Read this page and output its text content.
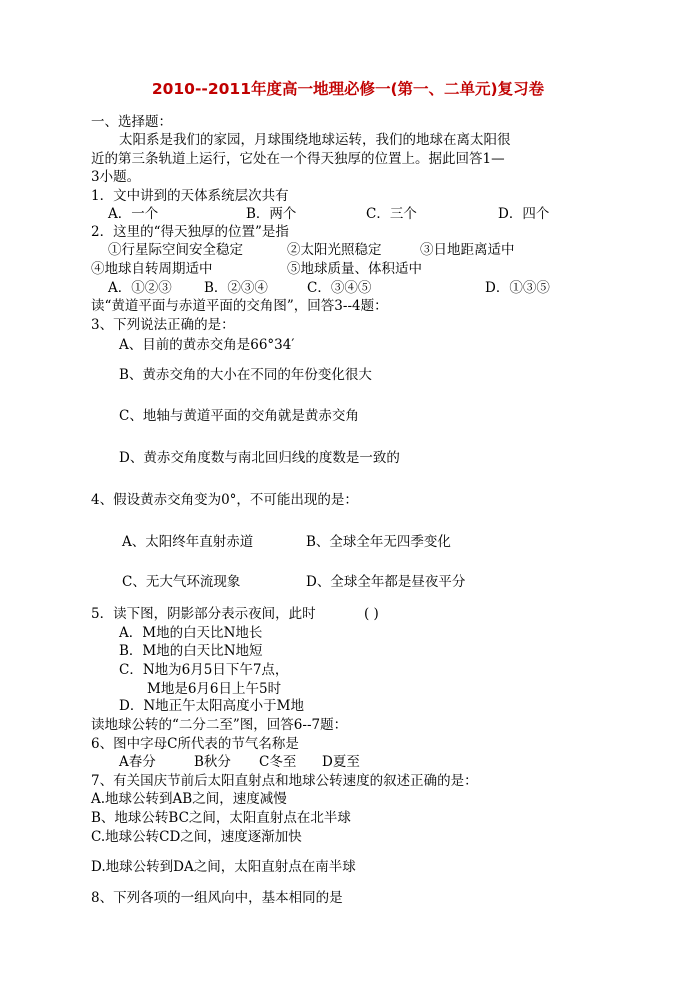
2010--2011年度高一地理必修一(第一、二单元)复习卷
一、选择题：
太阳系是我们的家园，月球围绕地球运转，我们的地球在离太阳很
近的第三条轨道上运行，它处在一个得天独厚的位置上。据此回答1—
3小题。
1．文中讲到的天体系统层次共有
A．一个	B．两个	C．三个	D．四个
2．这里的“得天独厚的位置”是指
①行星际空间安全稳定	②太阳光照稳定	③日地距离适中
④地球自转周期适中	⑤地球质量、体积适中
A．①②③ B．②③④	C．③④⑤	D．①③⑤
读“黄道平面与赤道平面的交角图”，回答3--4题：
3、下列说法正确的是：
A、目前的黄赤交角是66°34′
B、黄赤交角的大小在不同的年份变化很大
C、地轴与黄道平面的交角就是黄赤交角
D、黄赤交角度数与南北回归线的度数是一致的
4、假设黄赤交角变为0°，不可能出现的是：
A、太阳终年直射赤道	B、全球全年无四季变化
C、无大气环流现象	D、全球全年都是昼夜平分
5．读下图，阴影部分表示夜间，此时	( )
A．M地的白天比N地长
B．M地的白天比N地短
C．N地为6月5日下午7点，
M地是6月6日上午5时
D．N地正午太阳高度小于M地
读地球公转的“二分二至”图，回答6--7题：
6、图中字母C所代表的节气名称是
A春分	B秋分 C冬至 D夏至
7、有关国庆节前后太阳直射点和地球公转速度的叙述正确的是：
A.地球公转到AB之间，速度减慢
B、地球公转BC之间，太阳直射点在北半球
C.地球公转CD之间，速度逐渐加快
D.地球公转到DA之间，太阳直射点在南半球
8、下列各项的一组风向中，基本相同的是
